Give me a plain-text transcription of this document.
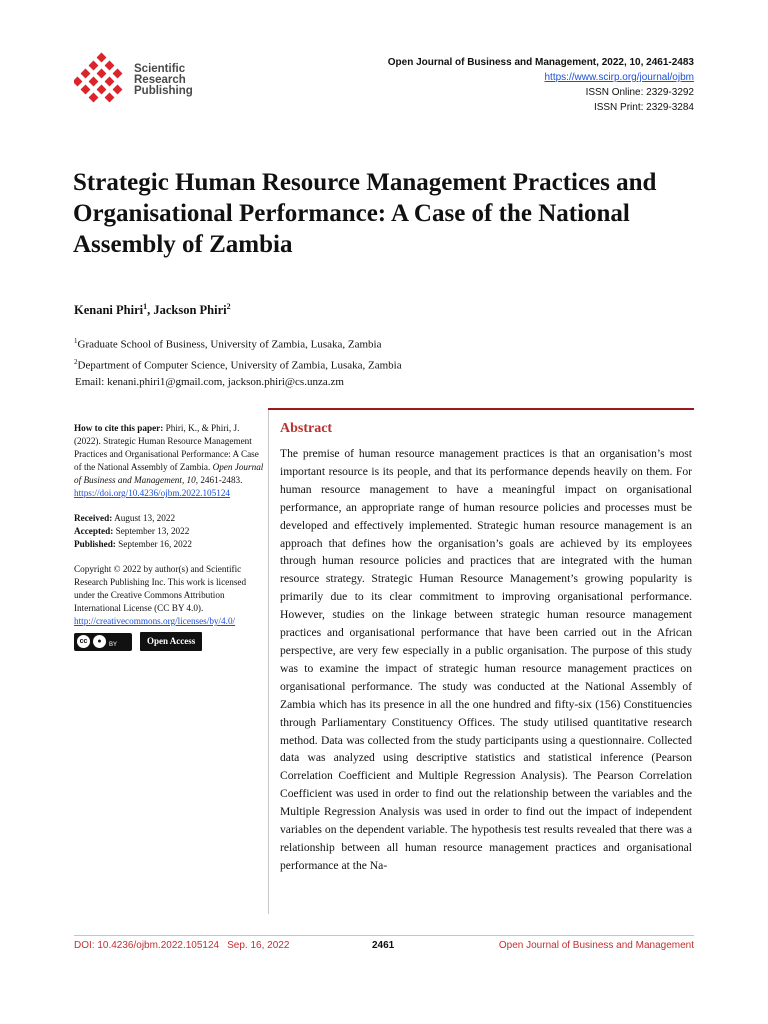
Scientific
Research
Publishing
Open Journal of Business and Management, 2022, 10, 2461-2483
https://www.scirp.org/journal/ojbm
ISSN Online: 2329-3292
ISSN Print: 2329-3284
Strategic Human Resource Management Practices and Organisational Performance: A Case of the National Assembly of Zambia
Kenani Phiri$^1$, Jackson Phiri$^2$
$^1$Graduate School of Business, University of Zambia, Lusaka, Zambia
$^2$Department of Computer Science, University of Zambia, Lusaka, Zambia
Email: kenani.phiri1@gmail.com, jackson.phiri@cs.unza.zm
How to cite this paper: Phiri, K., & Phiri, J. (2022). Strategic Human Resource Management Practices and Organisational Performance: A Case of the National Assembly of Zambia. Open Journal of Business and Management, 10, 2461-2483.
https://doi.org/10.4236/ojbm.2022.105124
Received: August 13, 2022
Accepted: September 13, 2022
Published: September 16, 2022
Copyright © 2022 by author(s) and Scientific Research Publishing Inc. This work is licensed under the Creative Commons Attribution International License (CC BY 4.0).
http://creativecommons.org/licenses/by/4.0/
cc	●	BY	Open Access
Abstract

The premise of human resource management practices is that an organisation’s most important resource is its people, and that its performance depends heavily on them. For human resource management to have a meaningful impact on organisational performance, an appropriate range of human resource policies and processes must be developed and effectively implemented. Strategic human resource management is an approach that defines how the organisation’s goals are achieved by its employees through human resource policies and practices that are integrated with the human resource strategy. Strategic Human Resource Management’s growing popularity is primarily due to its clear commitment to improving organisational performance. However, studies on the linkage between strategic human resource management practices and organisational performance that have been carried out in the African perspective, are very few especially in a public organisation. The purpose of this study was to examine the impact of strategic human resource management practices on organisational performance. The study was conducted at the National Assembly of Zambia which has its presence in all the one hundred and fifty-six (156) Constituencies through Parliamentary Constituency Offices. The study utilised quantitative research method. Data was collected from the study participants using a questionnaire. Collected data was analyzed using descriptive statistics and statistical inference (Pearson Correlation Coefficient and Multiple Regression Analysis). The Pearson Correlation Coefficient was used in order to find out the relationship between the variables and the Multiple Regression Analysis was used in order to find out the impact of independent variables on the dependent variable. The hypothesis test results revealed that there was a relationship between all human resource management practices and organisational performance at the Na-

DOI: 10.4236/ojbm.2022.105124 Sep. 16, 2022	2461	Open Journal of Business and Management
